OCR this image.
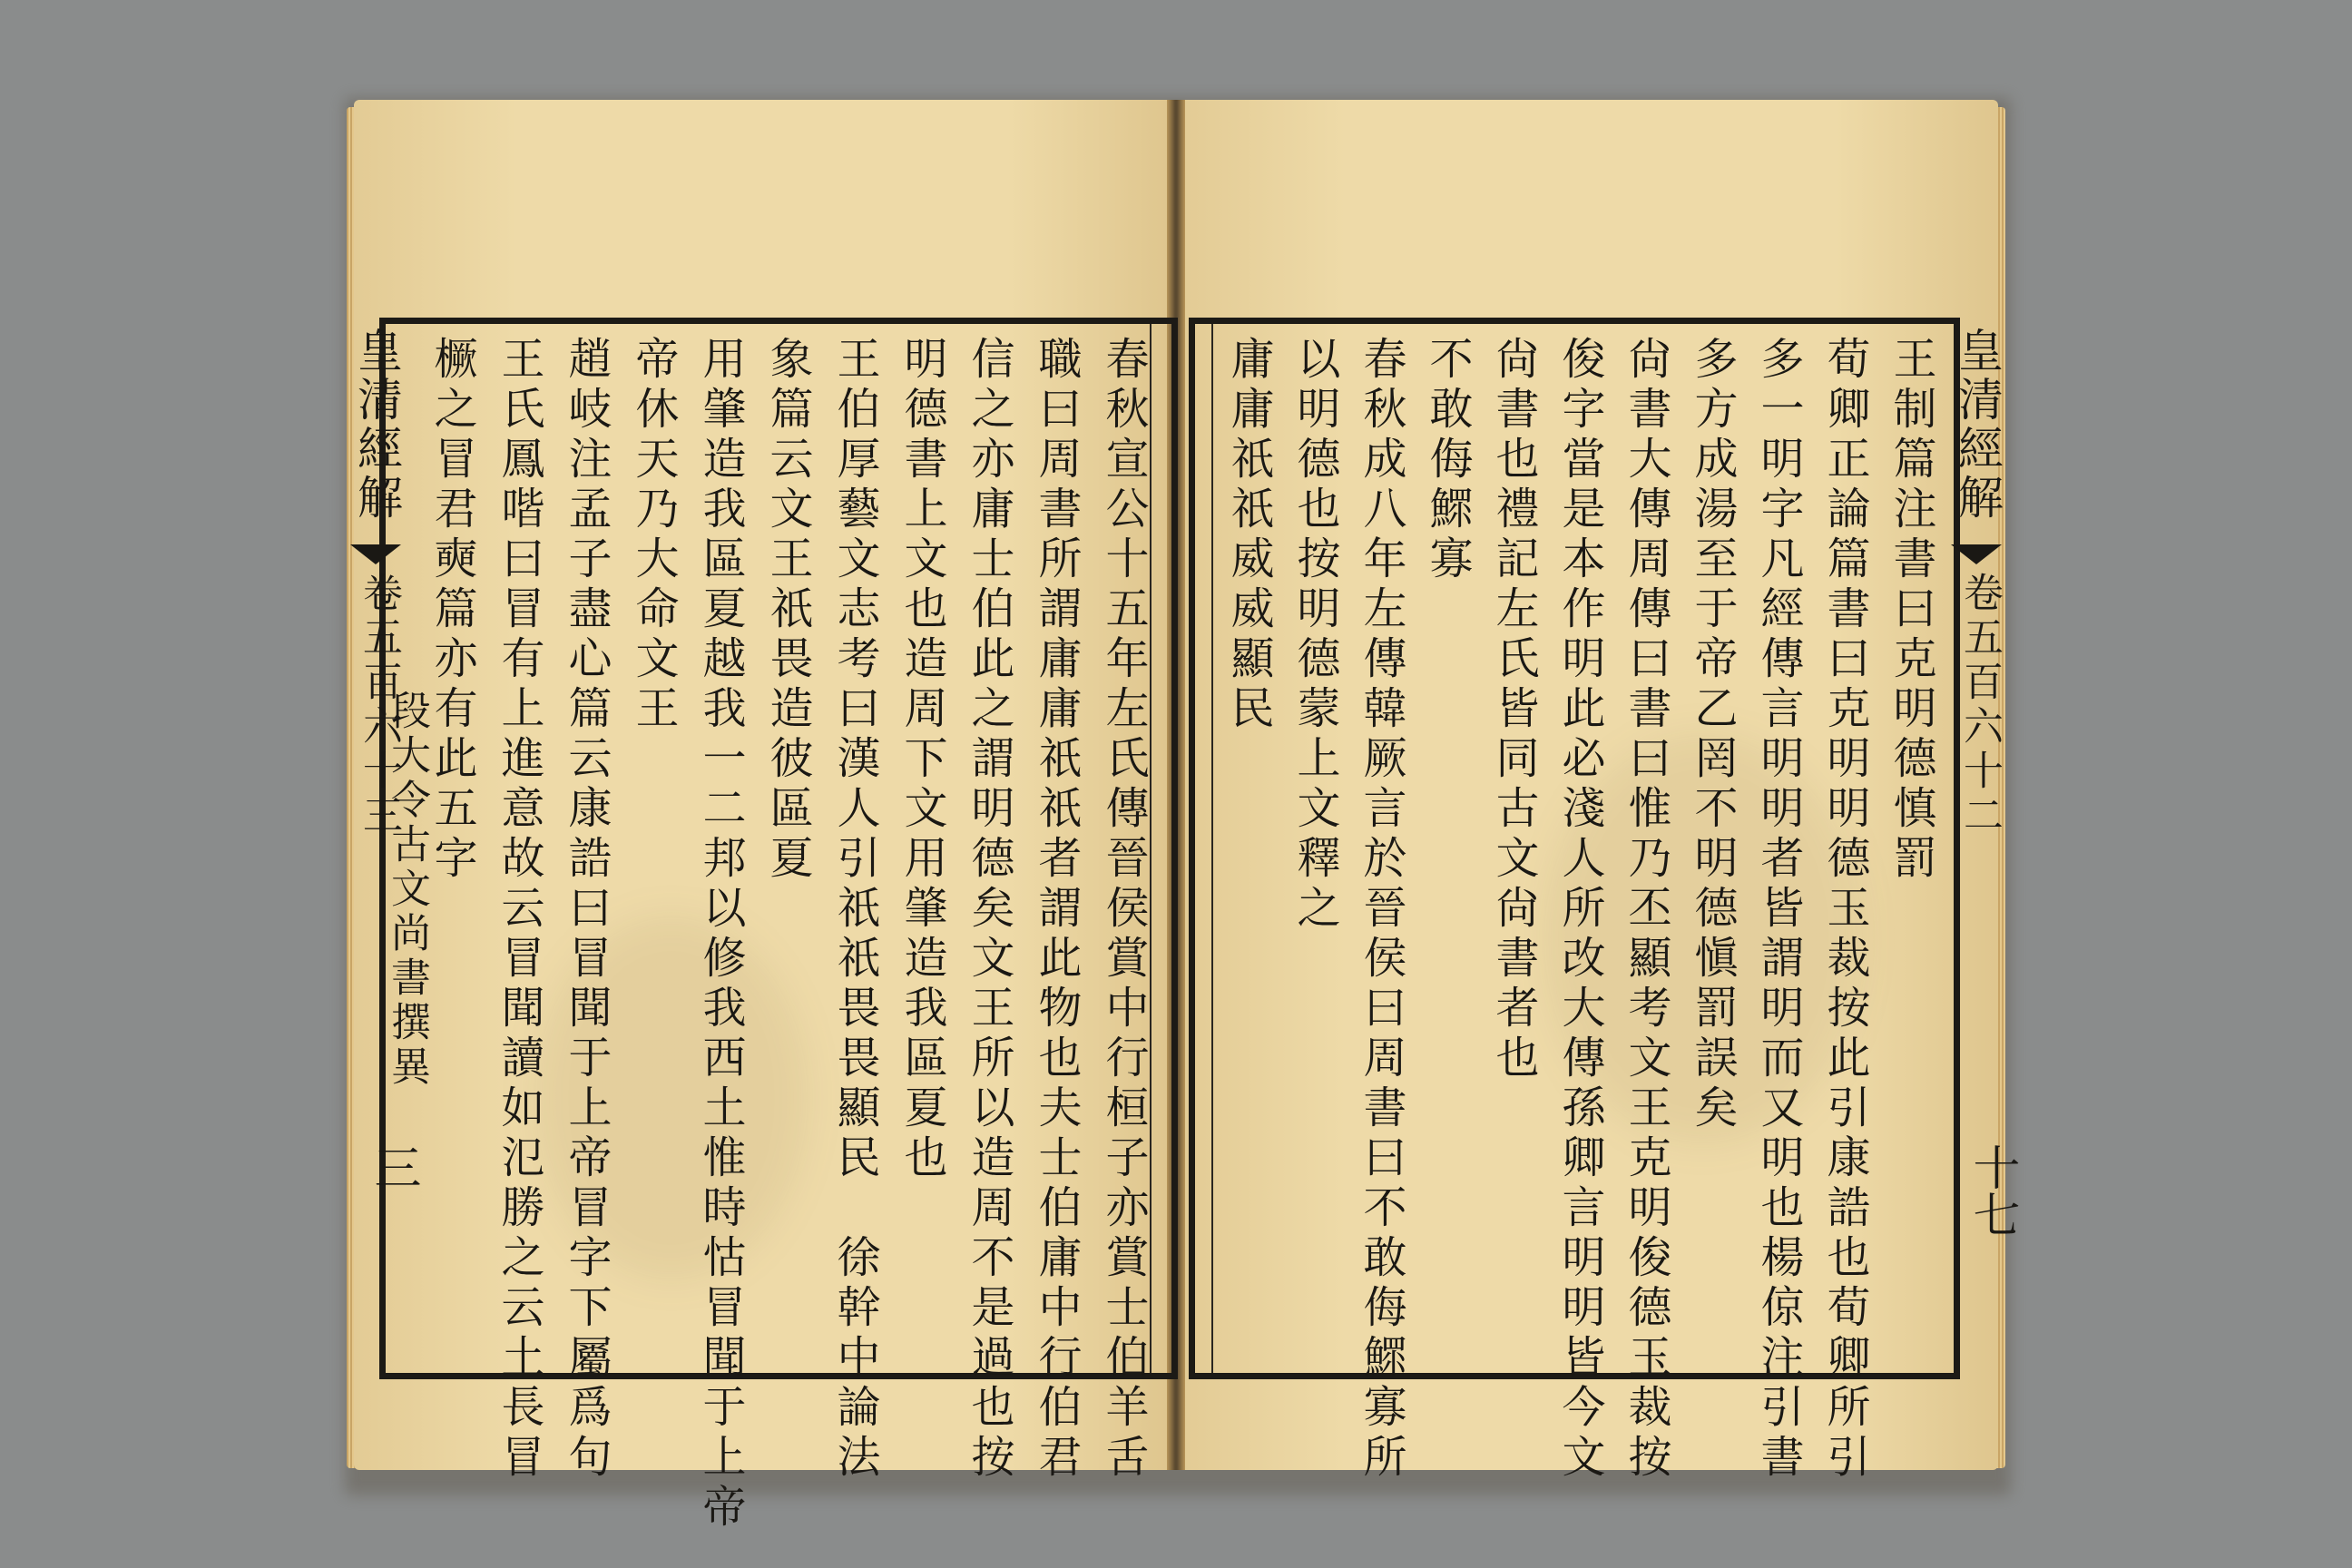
皇清經解
卷五百六十三
段大令古文尚書撰異
三	春秋宣公十五年左氏傳晉侯賞中行桓子亦賞士伯羊舌
職曰周書所謂庸庸祇祇者謂此物也夫士伯庸中行伯君
信之亦庸士伯此之謂明德矣文王所以造周不是過也按
明德書上文也造周下文用肇造我區夏也
王伯厚藝文志考曰漢人引祇祇畏畏顯民　徐幹中論法
象篇云文王祇畏造彼區夏
用肇造我區夏越我一二邦以修我西土惟時怙冒聞于上帝
帝休天乃大命文王
趙岐注孟子盡心篇云康誥曰冒聞于上帝冒字下屬爲句
王氏鳳喈曰冒有上進意故云冒聞讀如氾勝之云土長冒
橛之冒君奭篇亦有此五字	皇清經解
卷五百六十二
十七
王制篇注書曰克明德慎罰
荀卿正論篇書曰克明明德玉裁按此引康誥也荀卿所引
多一明字凡經傳言明明者皆謂明而又明也楊倞注引書
多方成湯至于帝乙罔不明德愼罰誤矣
尙書大傳周傳曰書曰惟乃丕顯考文王克明俊德玉裁按
俊字當是本作明此必淺人所改大傳孫卿言明明皆今文
尙書也禮記左氏皆同古文尙書者也
不敢侮鰥寡
春秋成八年左傳韓厥言於晉侯曰周書曰不敢侮鰥寡所
以明德也按明德蒙上文釋之
庸庸祇祇威威顯民
